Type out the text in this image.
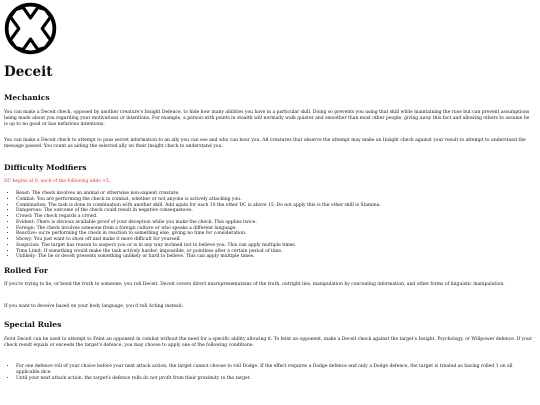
Deceit
Mechanics

You can make a Deceit check, opposed by another creature's Insight Defence, to hide how many abilities you have in a particular skill. Doing so prevents you using that skill while maintaining the ruse but can prevent assumptions being made about you regarding your motivations or intentions. For example, a person with points in stealth will normally walk quieter and smoother than most other people, giving away this fact and allowing others to assume he is up to no good or has nefarious intentions.

You can make a Deceit check to attempt to pass secret information to an ally you can see and who can hear you. All creatures that observe the attempt may make an Insight check against your result to attempt to understand the message passed. You count as aiding the selected ally on their insight check to understand you.

Difficulty Modifiers

DC begins at 0, each of the following adds +5.

• Beast: The check involves an animal or otherwise non-sapient creature.
• Combat: You are performing the check in combat, whether or not anyone is actively attacking you.
• Combination: The task is done in combination with another skill. Add again for each 10 the other DC is above 15. Do not apply this is the other skill is Stamina.
• Dangerous: The outcome of the check could result in negative consequences.
• Crowd: The check regards a crowd.
• Evident: There is obvious available proof of your deception while you make the check. This applies twice.
• Foreign: The check involves someone from a foreign culture or who speaks a different language.
• Reactive: ou're performing the check in reaction to something else, giving no time for consideration.
• Showy: You just want to show off and make it more difficult for yourself.
• Suspicion: The target has reason to suspect you or is in any way inclined not to believe you. This can apply multiple times.
• Time Limit: If something would make the task actively harder, impossible, or pointless after a certain period of time.
• Unlikely: The lie or deceit presents something unlikely or hard to believe. This can apply multiple times.
Rolled For

If you're trying to lie, or bend the truth to someone; you roll Deceit. Deceit covers direct misrepresentations of the truth, outright lies, manipulation by concealing information, and other forms of linguistic manipulation.

If you want to deceive based on your body language, you'd roll Acting instead.

Special Rules

Feint Deceit can be used to attempt to Feint an opponent in combat without the need for a specific ability allowing it. To feint an opponent, make a Deceit check against the target's Insight, Psychology, or Willpower defence. If your check result equals or exceeds the target's defence, you may choose to apply one of the following conditions:

• For one defence roll of your choice before your next attack action, the target cannot choose to roll Dodge. If the effect requires a Dodge defence and only a Dodge defence, the target is treated as having rolled 1 on all applicable dice.
• Until your next attack action, the target's defence rolls do not profit from their proximity to the target.
